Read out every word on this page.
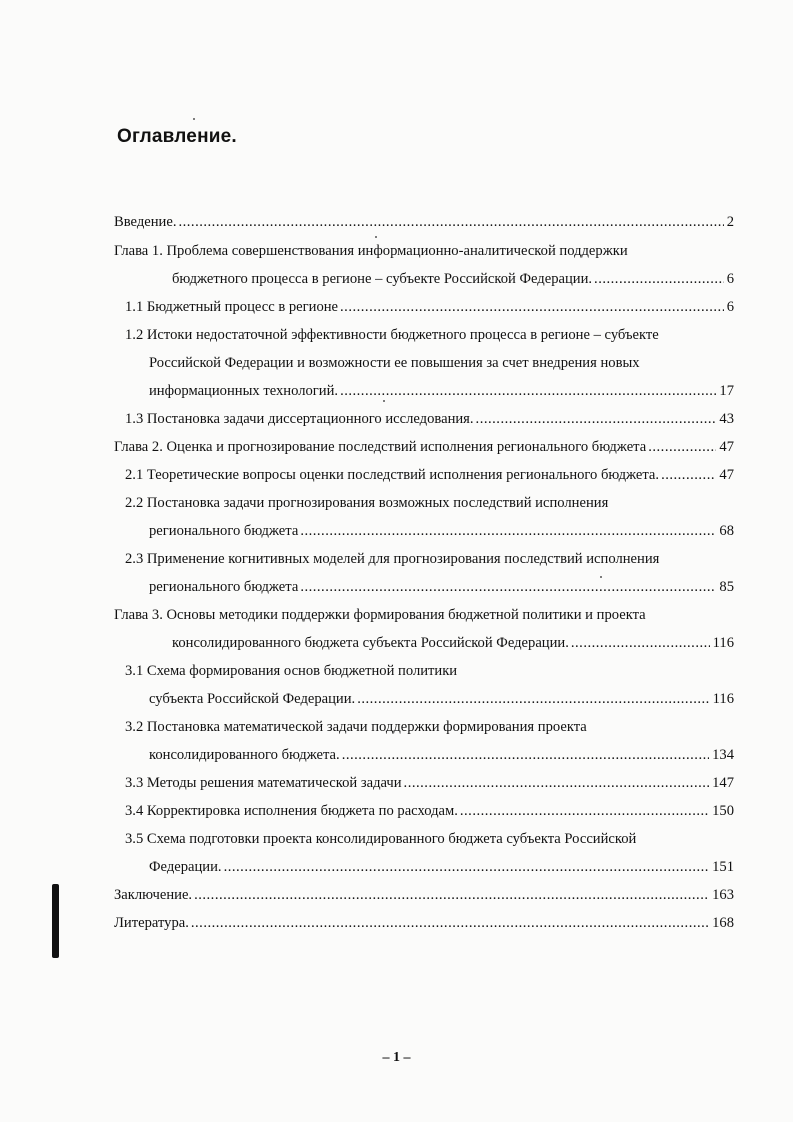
Оглавление.
Введение. .....	2
Глава 1. Проблема совершенствования информационно-аналитической поддержки
бюджетного процесса в регионе – субъекте Российской Федерации. .....	6
1.1 Бюджетный процесс в регионе .....	6
1.2 Истоки недостаточной эффективности бюджетного процесса в регионе – субъекте
Российской Федерации и возможности ее повышения за счет внедрения новых
информационных технологий. .....	17
1.3 Постановка задачи диссертационного исследования. .....	43
Глава 2. Оценка и прогнозирование последствий исполнения регионального бюджета .....	47
2.1 Теоретические вопросы оценки последствий исполнения регионального бюджета. .....	47
2.2 Постановка задачи прогнозирования возможных последствий исполнения
регионального бюджета .....	68
2.3 Применение когнитивных моделей для прогнозирования последствий исполнения
регионального бюджета .....	85
Глава 3. Основы методики поддержки формирования бюджетной политики и проекта
консолидированного бюджета субъекта Российской Федерации. .....	116
3.1 Схема формирования основ бюджетной политики
субъекта Российской Федерации. .....	116
3.2 Постановка математической задачи поддержки формирования проекта
консолидированного бюджета. .....	134
3.3 Методы решения математической задачи .....	147
3.4 Корректировка исполнения бюджета по расходам. .....	150
3.5 Схема подготовки проекта консолидированного бюджета субъекта Российской
Федерации. .....	151
Заключение. .....	163
Литература. .....	168
– 1 –
